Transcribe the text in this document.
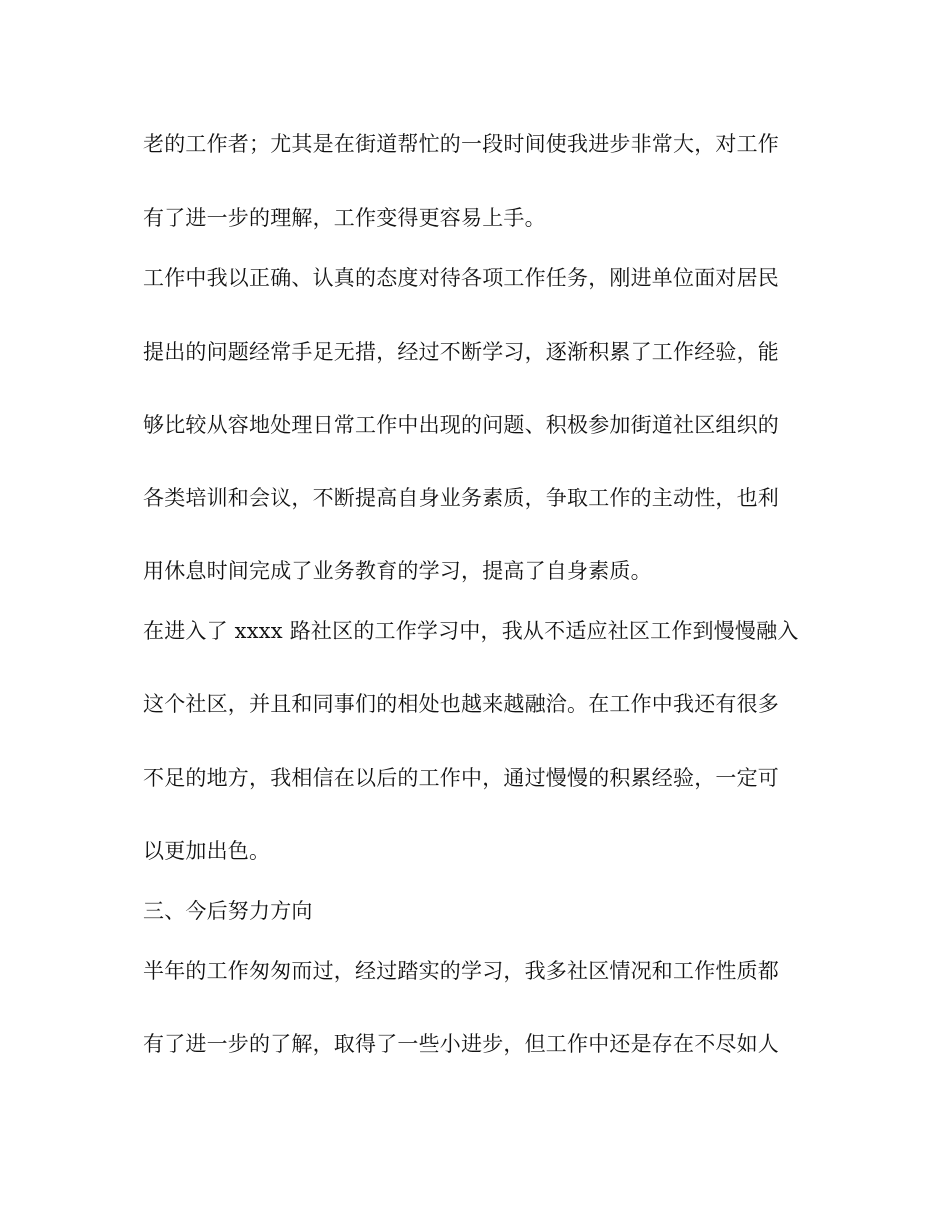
老的工作者；尤其是在街道帮忙的一段时间使我进步非常大，对工作
有了进一步的理解，工作变得更容易上手。
工作中我以正确、认真的态度对待各项工作任务，刚进单位面对居民
提出的问题经常手足无措，经过不断学习，逐渐积累了工作经验，能
够比较从容地处理日常工作中出现的问题、积极参加街道社区组织的
各类培训和会议，不断提高自身业务素质，争取工作的主动性，也利
用休息时间完成了业务教育的学习，提高了自身素质。
在进入了 xxxx 路社区的工作学习中，我从不适应社区工作到慢慢融入
这个社区，并且和同事们的相处也越来越融洽。在工作中我还有很多
不足的地方，我相信在以后的工作中，通过慢慢的积累经验，一定可
以更加出色。
三、今后努力方向
半年的工作匆匆而过，经过踏实的学习，我多社区情况和工作性质都
有了进一步的了解，取得了一些小进步，但工作中还是存在不尽如人
